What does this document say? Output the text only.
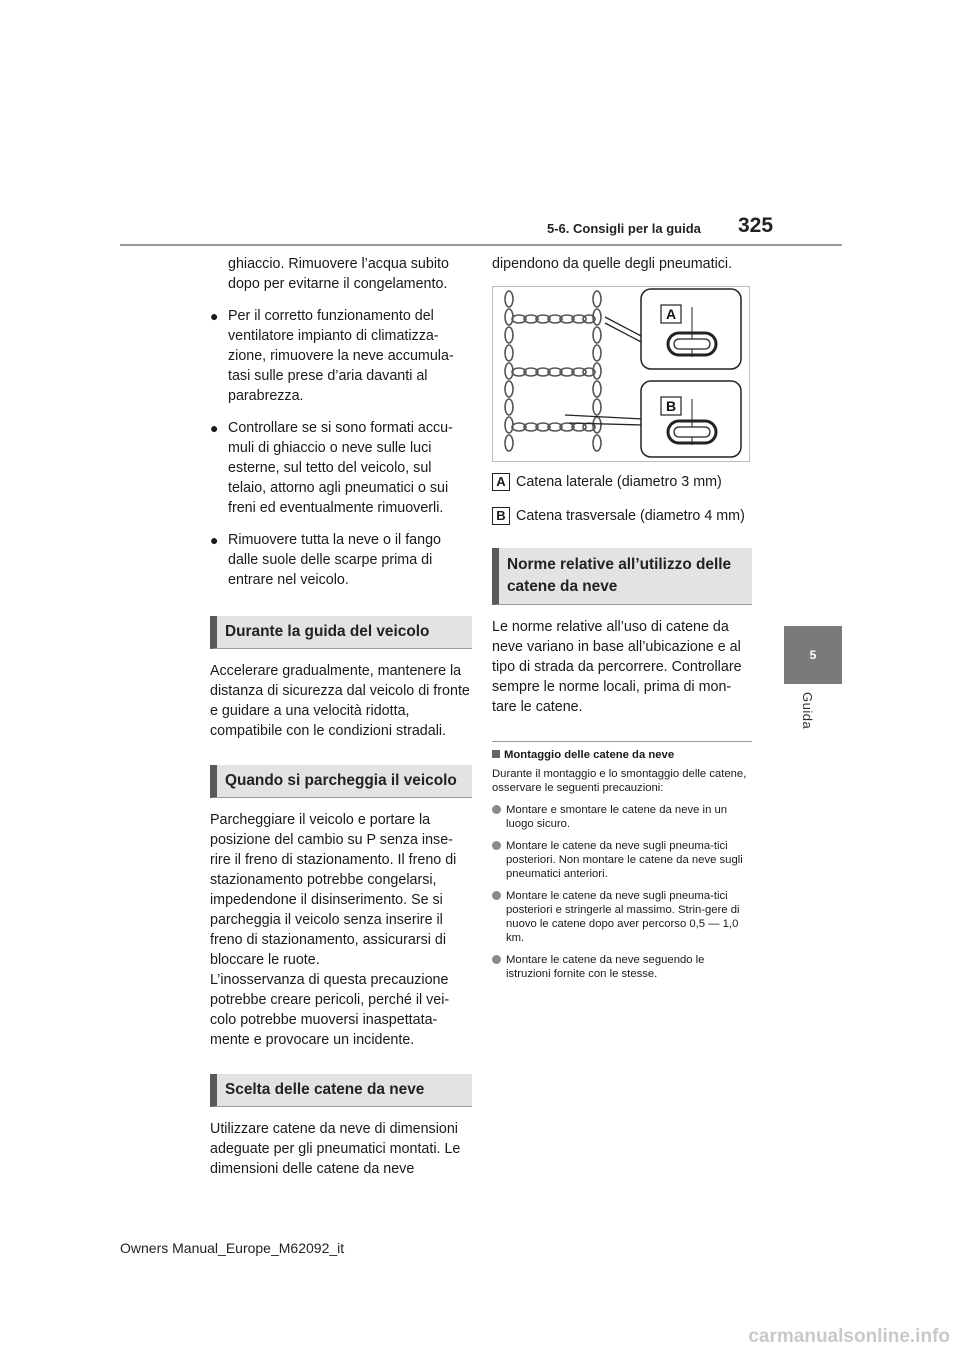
5-6. Consigli per la guida 325
5
Guida

ghiaccio. Rimuovere l’acqua subito dopo per evitarne il congelamento.

● Per il corretto funzionamento del ventilatore impianto di climatizza-zione, rimuovere la neve accumula-tasi sulle prese d’aria davanti al parabrezza.
● Controllare se si sono formati accu-muli di ghiaccio o neve sulle luci esterne, sul tetto del veicolo, sul telaio, attorno agli pneumatici o sui freni ed eventualmente rimuoverli.
● Rimuovere tutta la neve o il fango dalle suole delle scarpe prima di entrare nel veicolo.
Durante la guida del veicolo

Accelerare gradualmente, mantenere la distanza di sicurezza dal veicolo di fronte e guidare a una velocità ridotta, compatibile con le condizioni stradali.

Quando si parcheggia il veicolo

Parcheggiare il veicolo e portare la posizione del cambio su P senza inse-rire il freno di stazionamento. Il freno di stazionamento potrebbe congelarsi, impedendone il disinserimento. Se si parcheggia il veicolo senza inserire il freno di stazionamento, assicurarsi di bloccare le ruote.

L’inosservanza di questa precauzione potrebbe creare pericoli, perché il vei-colo potrebbe muoversi inaspettata-mente e provocare un incidente.

Scelta delle catene da neve

Utilizzare catene da neve di dimensioni adeguate per gli pneumatici montati. Le dimensioni delle catene da neve

dipendono da quelle degli pneumatici.

A
B
A Catena laterale (diametro 3 mm)
B Catena trasversale (diametro 4 mm)
Norme relative all’utilizzo delle catene da neve

Le norme relative all’uso di catene da neve variano in base all’ubicazione e al tipo di strada da percorrere. Controllare sempre le norme locali, prima di mon-tare le catene.

Montaggio delle catene da neve

Durante il montaggio e lo smontaggio delle catene, osservare le seguenti precauzioni:

Montare e smontare le catene da neve in un luogo sicuro.
Montare le catene da neve sugli pneuma-tici posteriori. Non montare le catene da neve sugli pneumatici anteriori.
Montare le catene da neve sugli pneuma-tici posteriori e stringerle al massimo. Strin-gere di nuovo le catene dopo aver percorso 0,5 — 1,0 km.
Montare le catene da neve seguendo le istruzioni fornite con le stesse.
Owners Manual_Europe_M62092_it
carmanualsonline.info
